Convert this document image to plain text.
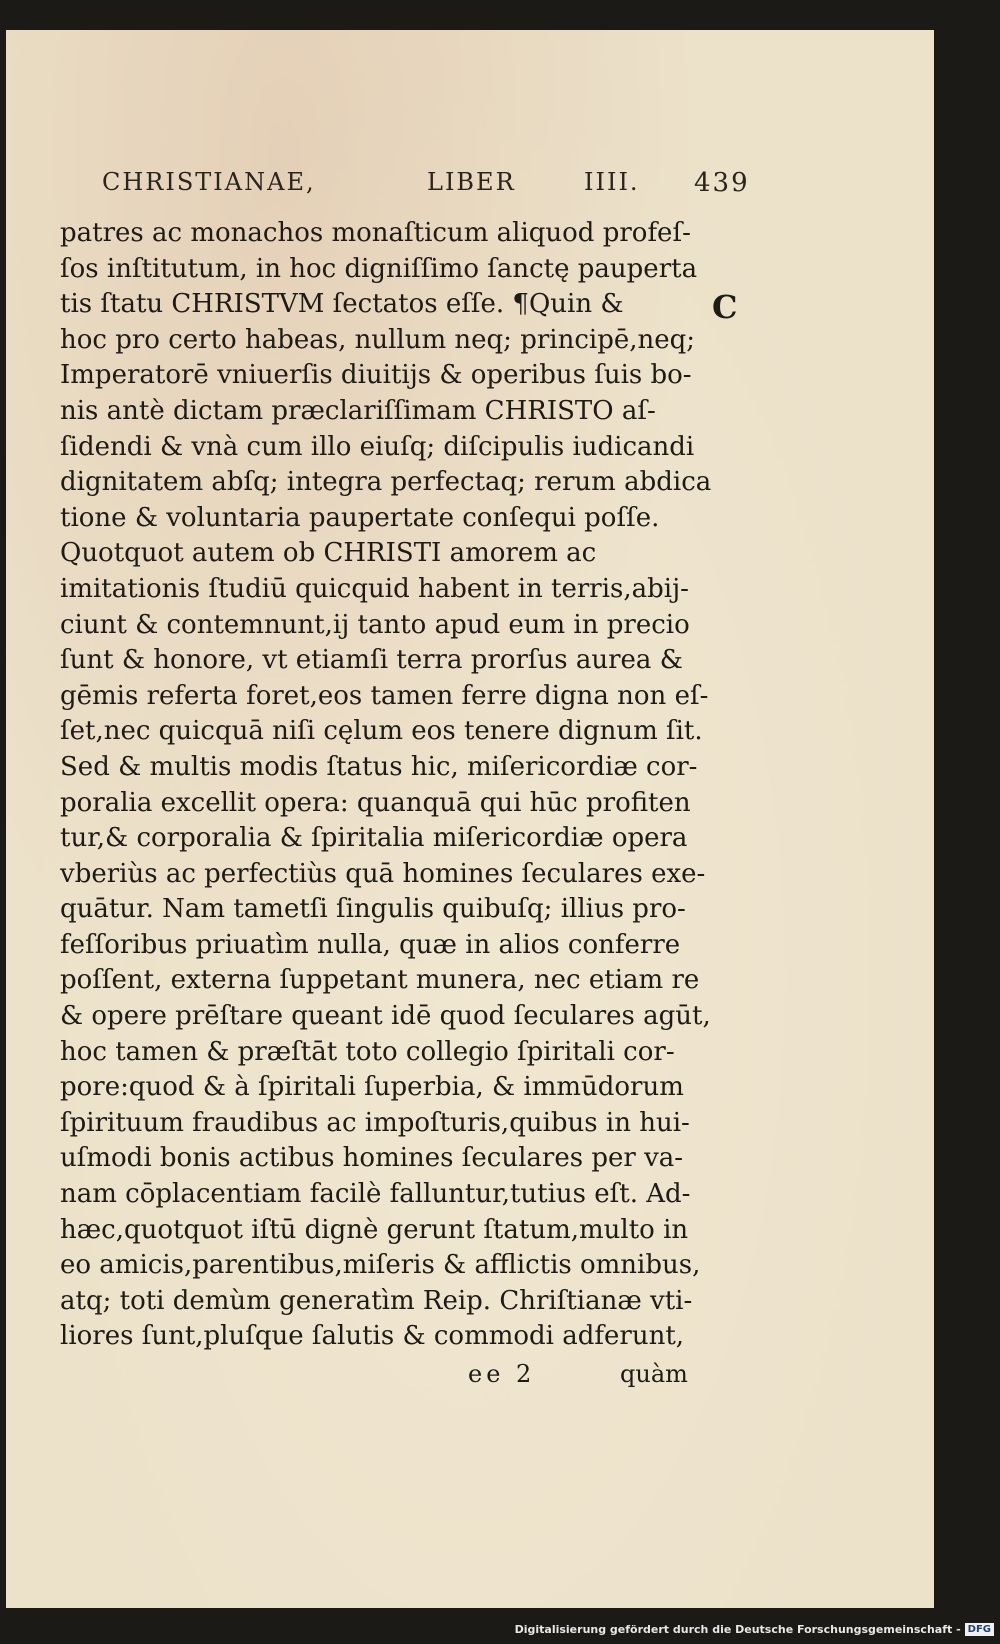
CHRISTIANAE,	LIBER	IIII. 439
C
patres ac monachos monaſticum aliquod profeſ-
ſos inſtitutum, in hoc digniſſimo ſanctę pauperta
tis ſtatu CHRISTVM ſectatos eſſe. ¶Quin &
hoc pro certo habeas, nullum neq; principē,neq;
Imperatorē vniuerſis diuitijs & operibus ſuis bo-
nis antè dictam præclariſſimam CHRISTO aſ-
ſidendi & vnà cum illo eiuſq; diſcipulis iudicandi
dignitatem abſq; integra perfectaq; rerum abdica
tione & voluntaria paupertate conſequi poſſe.
Quotquot autem ob CHRISTI amorem ac
imitationis ſtudiū quicquid habent in terris,abij-
ciunt & contemnunt,ij tanto apud eum in precio
ſunt & honore, vt etiamſi terra prorſus aurea &
gēmis referta foret,eos tamen ferre digna non eſ-
ſet,nec quicquā niſi cęlum eos tenere dignum ſit.
Sed & multis modis ſtatus hic, miſericordiæ cor-
poralia excellit opera: quanquā qui hūc profiten
tur,& corporalia & ſpiritalia miſericordiæ opera
vberiùs ac perfectiùs quā homines ſeculares exe-
quātur. Nam tametſi ſingulis quibuſq; illius pro-
feſſoribus priuatìm nulla, quæ in alios conferre
poſſent, externa ſuppetant munera, nec etiam re
& opere prēſtare queant idē quod ſeculares agūt,
hoc tamen & præſtāt toto collegio ſpiritali cor-
pore:quod & à ſpiritali ſuperbia, & immūdorum
ſpirituum fraudibus ac impoſturis,quibus in hui-
uſmodi bonis actibus homines ſeculares per va-
nam cōplacentiam facilè falluntur,tutius eſt. Ad-
hæc,quotquot iſtū dignè gerunt ſtatum,multo in
eo amicis,parentibus,miſeris & afflictis omnibus,
atq; toti demùm generatìm Reip. Chriſtianæ vti-
liores ſunt,pluſque ſalutis & commodi adferunt,
ee 2	quàm
Digitalisierung gefördert durch die Deutsche Forschungsgemeinschaft - DFG
